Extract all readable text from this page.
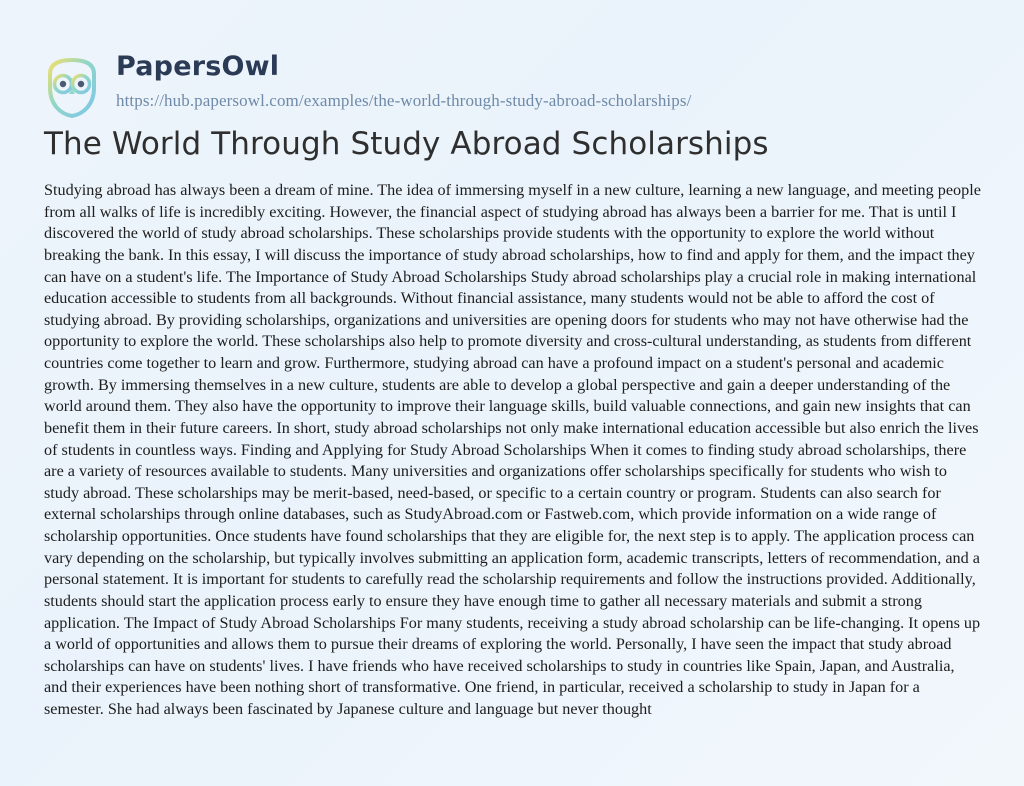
PapersOwl
https://hub.papersowl.com/examples/the-world-through-study-abroad-scholarships/
The World Through Study Abroad Scholarships

Studying abroad has always been a dream of mine. The idea of immersing myself in a new culture, learning a new language, and meeting people from all walks of life is incredibly exciting. However, the financial aspect of studying abroad has always been a barrier for me. That is until I discovered the world of study abroad scholarships. These scholarships provide students with the opportunity to explore the world without breaking the bank. In this essay, I will discuss the importance of study abroad scholarships, how to find and apply for them, and the impact they can have on a student's life. The Importance of Study Abroad Scholarships Study abroad scholarships play a crucial role in making international education accessible to students from all backgrounds. Without financial assistance, many students would not be able to afford the cost of studying abroad. By providing scholarships, organizations and universities are opening doors for students who may not have otherwise had the opportunity to explore the world. These scholarships also help to promote diversity and cross-cultural understanding, as students from different countries come together to learn and grow. Furthermore, studying abroad can have a profound impact on a student's personal and academic growth. By immersing themselves in a new culture, students are able to develop a global perspective and gain a deeper understanding of the world around them. They also have the opportunity to improve their language skills, build valuable connections, and gain new insights that can benefit them in their future careers. In short, study abroad scholarships not only make international education accessible but also enrich the lives of students in countless ways. Finding and Applying for Study Abroad Scholarships When it comes to finding study abroad scholarships, there are a variety of resources available to students. Many universities and organizations offer scholarships specifically for students who wish to study abroad. These scholarships may be merit-based, need-based, or specific to a certain country or program. Students can also search for external scholarships through online databases, such as StudyAbroad.com or Fastweb.com, which provide information on a wide range of scholarship opportunities. Once students have found scholarships that they are eligible for, the next step is to apply. The application process can vary depending on the scholarship, but typically involves submitting an application form, academic transcripts, letters of recommendation, and a personal statement. It is important for students to carefully read the scholarship requirements and follow the instructions provided. Additionally, students should start the application process early to ensure they have enough time to gather all necessary materials and submit a strong application. The Impact of Study Abroad Scholarships For many students, receiving a study abroad scholarship can be life-changing. It opens up a world of opportunities and allows them to pursue their dreams of exploring the world. Personally, I have seen the impact that study abroad scholarships can have on students' lives. I have friends who have received scholarships to study in countries like Spain, Japan, and Australia, and their experiences have been nothing short of transformative. One friend, in particular, received a scholarship to study in Japan for a semester. She had always been fascinated by Japanese culture and language but never thought
